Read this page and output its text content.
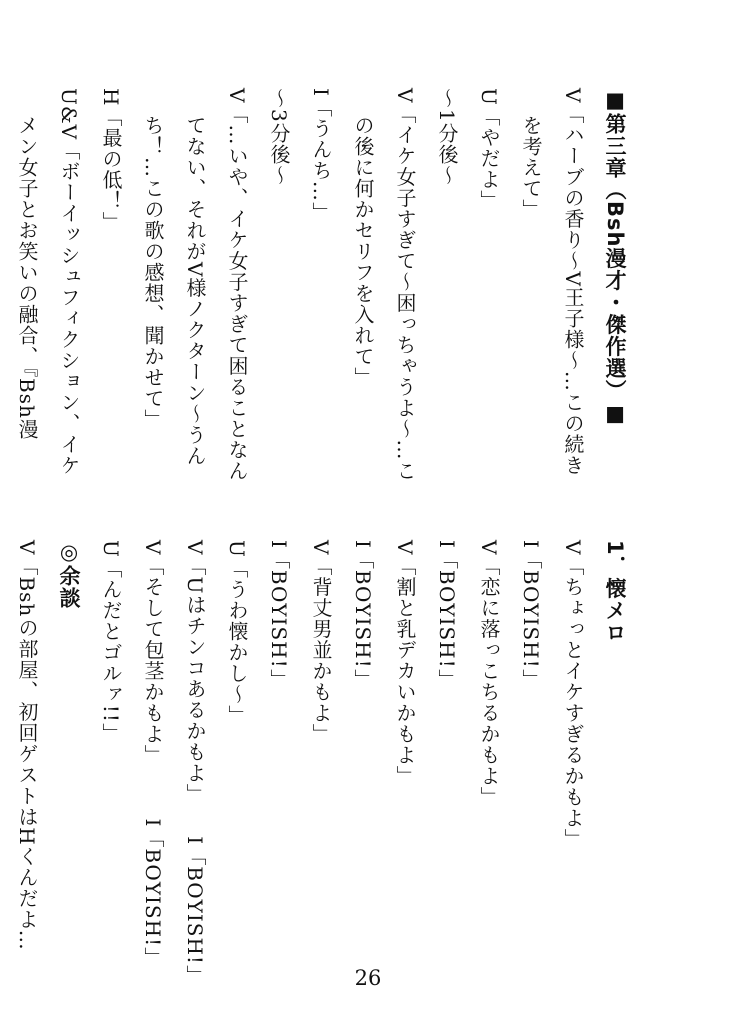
■第三章（Bsh漫才・傑作選）■
V「ハーブの香り〜V王子様〜…この続き
を考えて」
U「やだよ」
〜1分後〜
V「イケ女子すぎて〜困っちゃうよ〜…こ
の後に何かセリフを入れて」
I「うんち…」
〜3分後〜
V「…いや、イケ女子すぎて困ることなん
てない、それがV様ノクターン〜うん
ち！…この歌の感想、聞かせて」
H「最の低！」
U&V「ボーイッシュフィクション、イケ
メン女子とお笑いの融合、『Bsh漫
1．懐メロ
V「ちょっとイケすぎるかもよ」
I「BOYISH!」
V「恋に落っこちるかもよ」
I「BOYISH!」
V「割と乳デカいかもよ」
I「BOYISH!」
V「背丈男並かもよ」
I「BOYISH!」
U「うわ懐かし〜」
V「Uはチンコあるかもよ」　　I「BOYISH!」
V「そして包茎かもよ」　　　I「BOYISH!」
U「んだとゴルァ!!」
◎余談
V「Bshの部屋、初回ゲストはHくんだよ…
26
